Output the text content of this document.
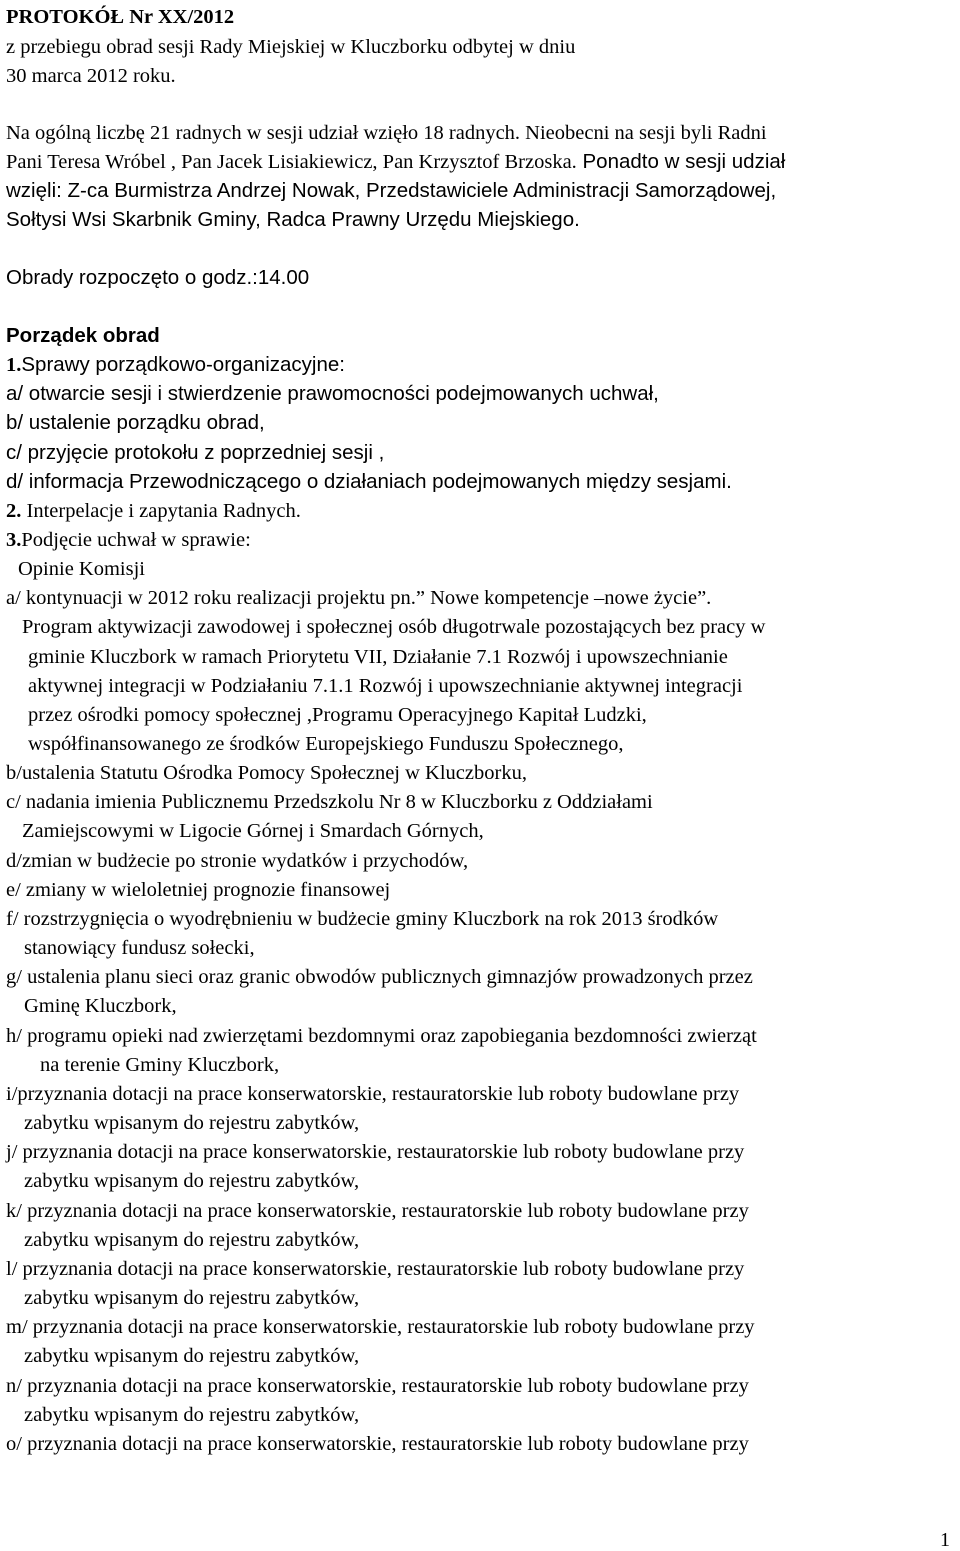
PROTOKÓŁ Nr XX/2012
z przebiegu obrad sesji Rady Miejskiej w Kluczborku odbytej w dniu
30 marca 2012 roku.
Na ogólną liczbę 21 radnych w sesji udział wzięło 18 radnych. Nieobecni na sesji byli Radni
Pani Teresa Wróbel , Pan Jacek Lisiakiewicz, Pan Krzysztof Brzoska. Ponadto w sesji udział
wzięli: Z-ca Burmistrza Andrzej Nowak, Przedstawiciele Administracji Samorządowej,
Sołtysi Wsi Skarbnik Gminy, Radca Prawny Urzędu Miejskiego.
Obrady rozpoczęto o godz.:14.00
Porządek obrad
1.Sprawy porządkowo-organizacyjne:
a/ otwarcie sesji i stwierdzenie prawomocności podejmowanych uchwał,
b/ ustalenie porządku obrad,
c/ przyjęcie protokołu z poprzedniej sesji ,
d/ informacja Przewodniczącego o działaniach podejmowanych między sesjami.
2. Interpelacje i zapytania Radnych.
3.Podjęcie uchwał w sprawie:
Opinie Komisji
a/ kontynuacji w 2012 roku realizacji projektu pn.” Nowe kompetencje –nowe życie”.
Program aktywizacji zawodowej i społecznej osób długotrwale pozostających bez pracy w
gminie Kluczbork w ramach Priorytetu VII, Działanie 7.1 Rozwój i upowszechnianie
aktywnej integracji w Podziałaniu 7.1.1 Rozwój i upowszechnianie aktywnej integracji
przez ośrodki pomocy społecznej ,Programu Operacyjnego Kapitał Ludzki,
współfinansowanego ze środków Europejskiego Funduszu Społecznego,
b/ustalenia Statutu Ośrodka Pomocy Społecznej w Kluczborku,
c/ nadania imienia Publicznemu Przedszkolu Nr 8 w Kluczborku z Oddziałami
Zamiejscowymi w Ligocie Górnej i Smardach Górnych,
d/zmian w budżecie po stronie wydatków i przychodów,
e/ zmiany w wieloletniej prognozie finansowej
f/ rozstrzygnięcia o wyodrębnieniu w budżecie gminy Kluczbork na rok 2013 środków
stanowiący fundusz sołecki,
g/ ustalenia planu sieci oraz granic obwodów publicznych gimnazjów prowadzonych przez
Gminę Kluczbork,
h/ programu opieki nad zwierzętami bezdomnymi oraz zapobiegania bezdomności zwierząt
na terenie Gminy Kluczbork,
i/przyznania dotacji na prace konserwatorskie, restauratorskie lub roboty budowlane przy
zabytku wpisanym do rejestru zabytków,
j/ przyznania dotacji na prace konserwatorskie, restauratorskie lub roboty budowlane przy
zabytku wpisanym do rejestru zabytków,
k/ przyznania dotacji na prace konserwatorskie, restauratorskie lub roboty budowlane przy
zabytku wpisanym do rejestru zabytków,
l/ przyznania dotacji na prace konserwatorskie, restauratorskie lub roboty budowlane przy
zabytku wpisanym do rejestru zabytków,
m/ przyznania dotacji na prace konserwatorskie, restauratorskie lub roboty budowlane przy
zabytku wpisanym do rejestru zabytków,
n/ przyznania dotacji na prace konserwatorskie, restauratorskie lub roboty budowlane przy
zabytku wpisanym do rejestru zabytków,
o/ przyznania dotacji na prace konserwatorskie, restauratorskie lub roboty budowlane przy
1
